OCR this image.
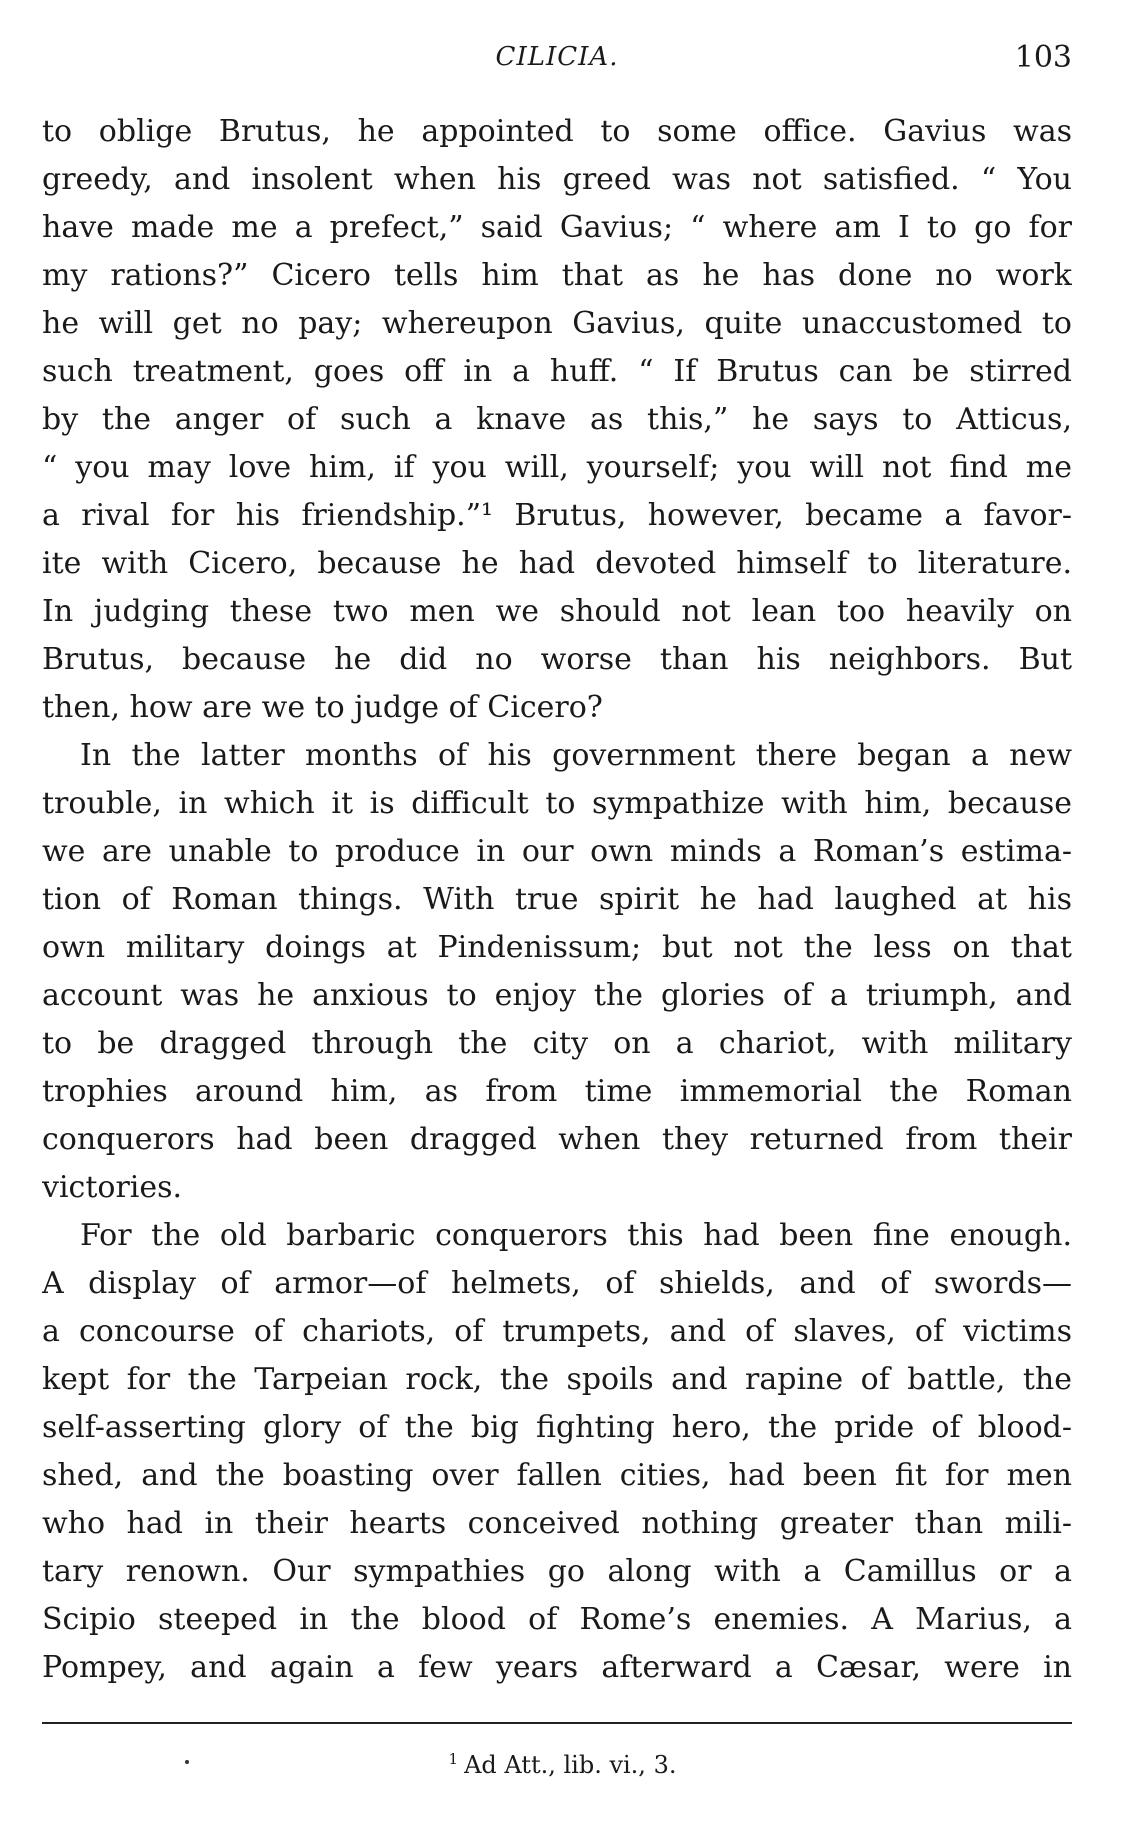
CILICIA.	103
to oblige Brutus, he appointed to some office. Gavius was
greedy, and insolent when his greed was not satisfied. “ You
have made me a prefect,” said Gavius; “ where am I to go for
my rations?” Cicero tells him that as he has done no work
he will get no pay; whereupon Gavius, quite unaccustomed to
such treatment, goes off in a huff. “ If Brutus can be stirred
by the anger of such a knave as this,” he says to Atticus,
“ you may love him, if you will, yourself; you will not find me
a rival for his friendship.”¹ Brutus, however, became a favor-
ite with Cicero, because he had devoted himself to literature.
In judging these two men we should not lean too heavily on
Brutus, because he did no worse than his neighbors. But
then, how are we to judge of Cicero?
In the latter months of his government there began a new
trouble, in which it is difficult to sympathize with him, because
we are unable to produce in our own minds a Roman’s estima-
tion of Roman things. With true spirit he had laughed at his
own military doings at Pindenissum; but not the less on that
account was he anxious to enjoy the glories of a triumph, and
to be dragged through the city on a chariot, with military
trophies around him, as from time immemorial the Roman
conquerors had been dragged when they returned from their
victories.
For the old barbaric conquerors this had been fine enough.
A display of armor—of helmets, of shields, and of swords—
a concourse of chariots, of trumpets, and of slaves, of victims
kept for the Tarpeian rock, the spoils and rapine of battle, the
self-asserting glory of the big fighting hero, the pride of blood-
shed, and the boasting over fallen cities, had been fit for men
who had in their hearts conceived nothing greater than mili-
tary renown. Our sympathies go along with a Camillus or a
Scipio steeped in the blood of Rome’s enemies. A Marius, a
Pompey, and again a few years afterward a Cæsar, were in
$^1$ Ad Att., lib. vi., 3.
